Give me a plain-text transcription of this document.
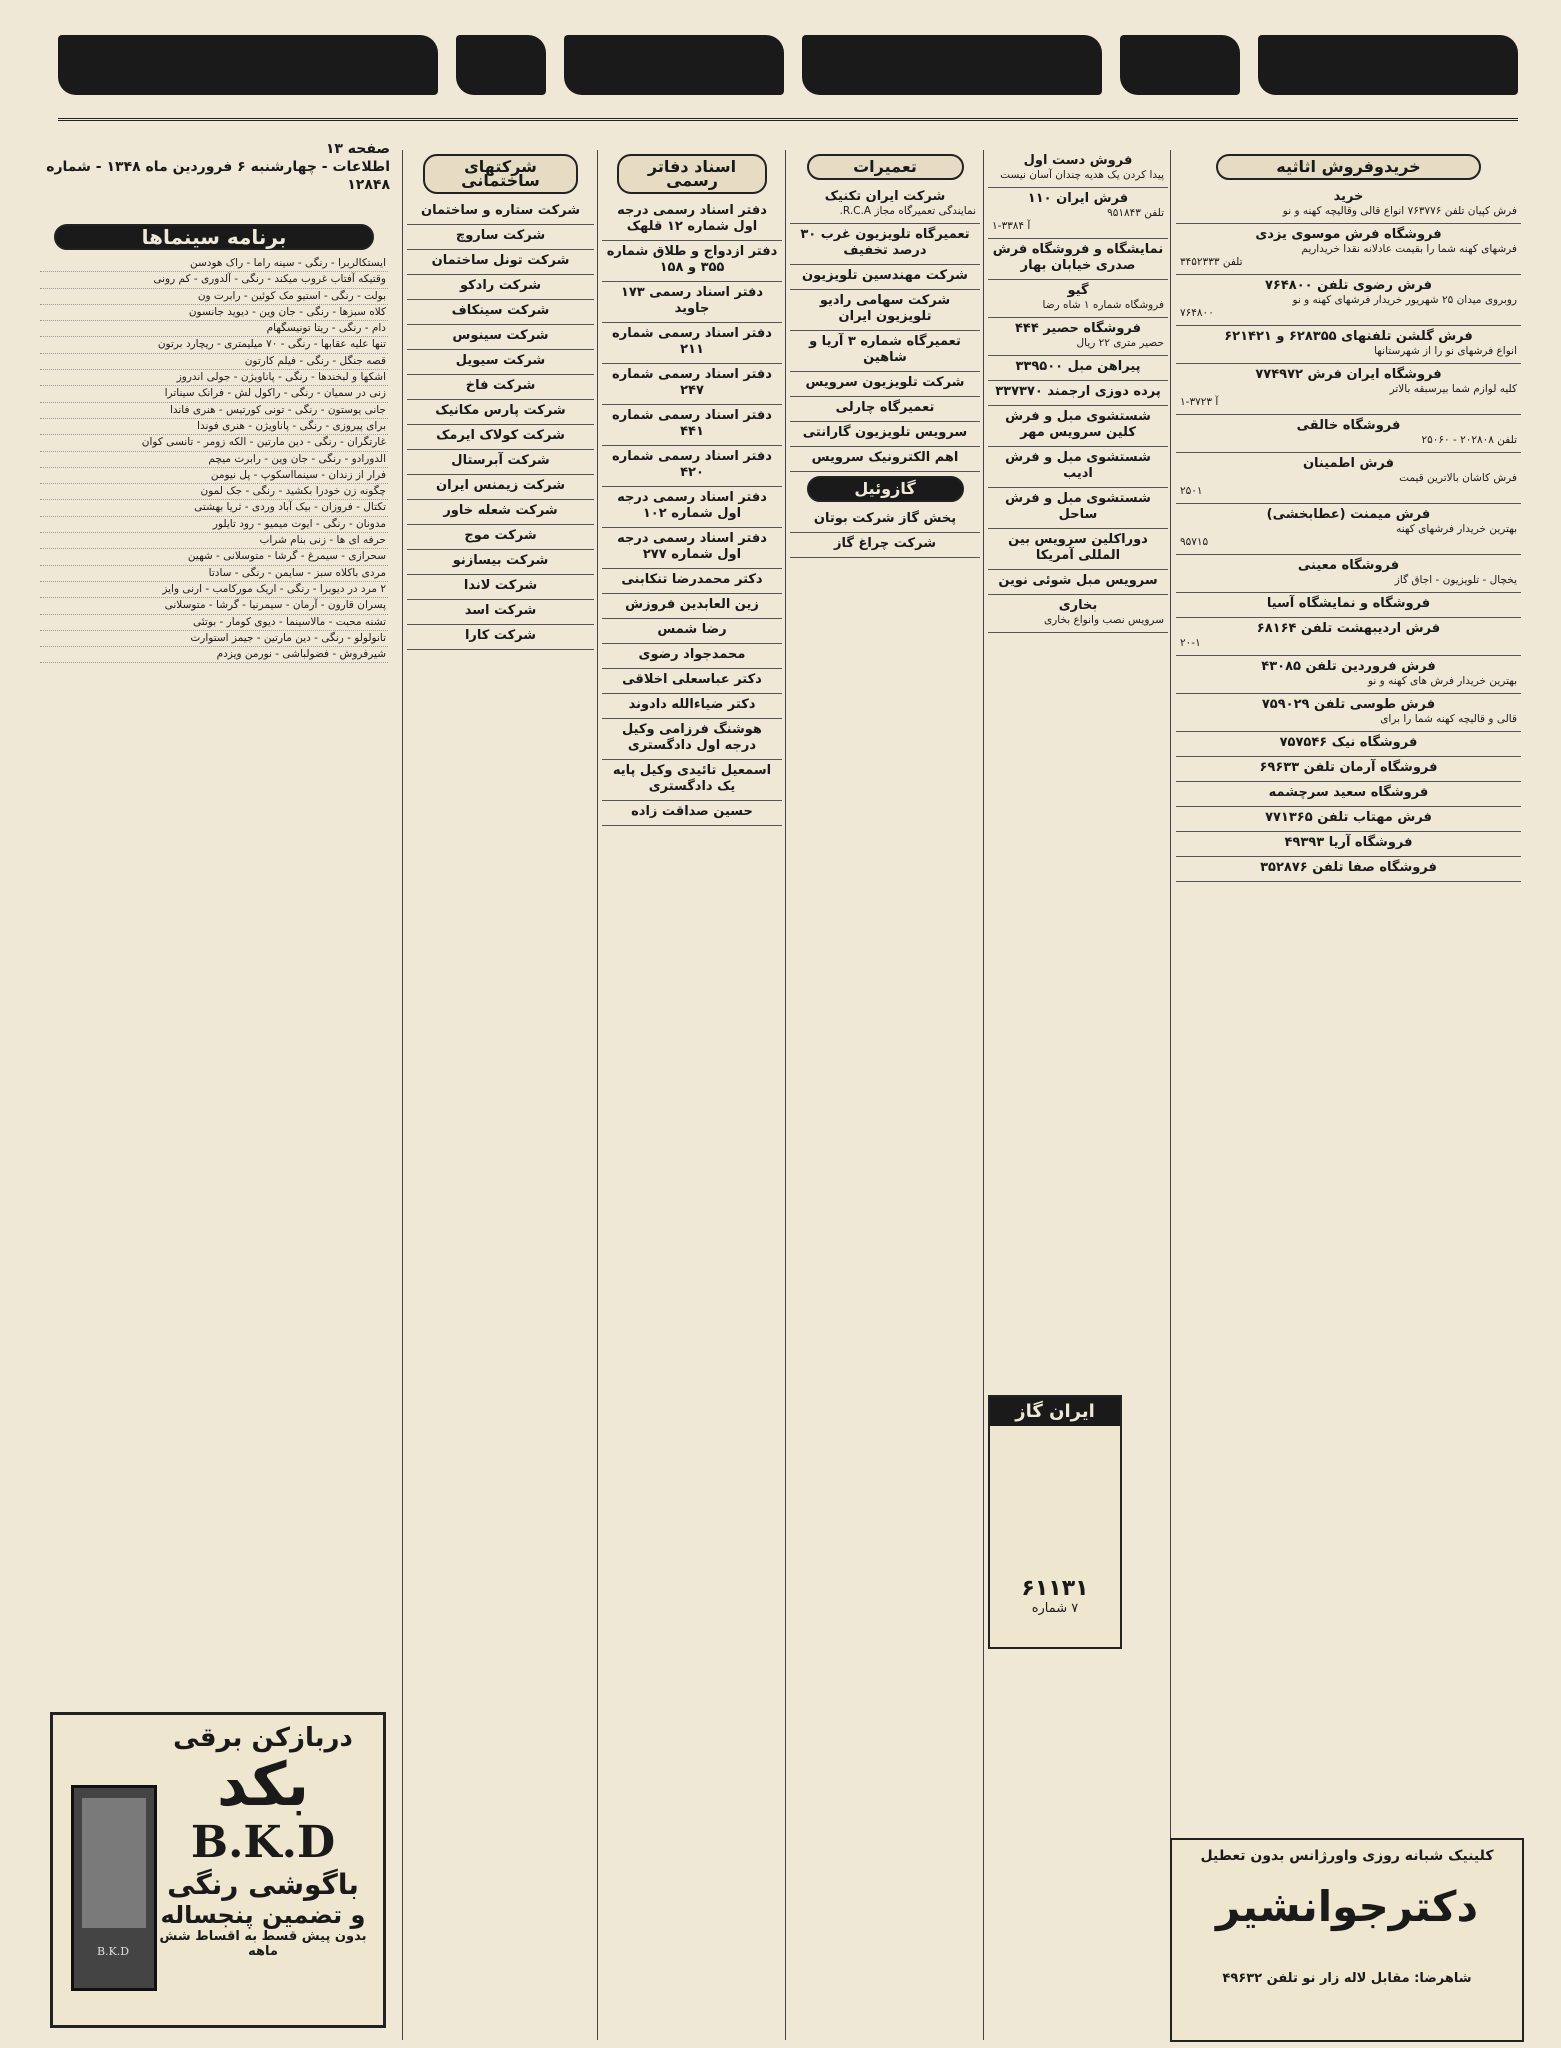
صفحه ۱۳
اطلاعات - چهارشنبه ۶ فروردین ماه ۱۳۴۸ - شماره ۱۲۸۴۸
خریدوفروش اثاثیه
خرید
فرش کپیان تلفن ۷۶۳۷۷۶ انواع قالی وقالیچه کهنه و نو
فروشگاه فرش موسوی یزدی
فرشهای کهنه شما را بقیمت عادلانه نقدا خریداریم
تلفن ۳۴۵۲۳۳۳
فرش رضوی تلفن ۷۶۴۸۰۰
روبروی میدان ۲۵ شهریور خریدار فرشهای کهنه و نو
۷۶۴۸۰۰
فرش گلشن تلفنهای ۶۲۸۳۵۵ و ۶۲۱۴۲۱
انواع فرشهای نو را از شهرستانها
فروشگاه ایران فرش ۷۷۴۹۷۲
کلیه لوازم شما بیرسبقه بالاتر
آ ۳۷۲۳-۱
فروشگاه خالقی
تلفن ۲۰۲۸۰۸ - ۲۵۰۶۰
فرش اطمینان
فرش کاشان بالاترین قیمت
۲۵۰۱
فرش میمنت (عطابخشی)
بهترین خریدار فرشهای کهنه
۹۵۷۱۵
فروشگاه معینی
یخچال - تلویزیون - اجاق گاز
فروشگاه و نمایشگاه آسیا
فرش اردیبهشت تلفن ۶۸۱۶۴
۲۰-۱
فرش فروردین تلفن ۴۳۰۸۵
بهترین خریدار فرش های کهنه و نو
فرش طوسی تلفن ۷۵۹۰۲۹
قالی و قالیچه کهنه شما را برای
فروشگاه نیک ۷۵۷۵۴۶
فروشگاه آرمان تلفن ۶۹۶۳۳
فروشگاه سعید سرچشمه
فرش مهتاب تلفن ۷۷۱۳۶۵
فروشگاه آریا ۴۹۳۹۳
فروشگاه صفا تلفن ۳۵۲۸۷۶
فروش دست اول
پیدا کردن یک هدیه چندان آسان نیست
فرش ایران ۱۱۰
تلفن ۹۵۱۸۴۳
آ ۳۳۸۴-۱
نمایشگاه و فروشگاه فرش صدری خیابان بهار
گیو
فروشگاه شماره ۱ شاه رضا
فروشگاه حصیر ۴۴۴
حصیر متری ۲۲ ریال
پیراهن مبل ۳۳۹۵۰۰
پرده دوزی ارجمند ۳۳۷۳۷۰
شستشوی مبل و فرش کلین سرویس مهر
شستشوی مبل و فرش ادیب
شستشوی مبل و فرش ساحل
دوراکلین سرویس بین المللی آمریکا
سرویس مبل شوئی نوین
بخاری
سرویس نصب وانواع بخاری
تعمیرات
شرکت ایران تکنیک
نمایندگی تعمیرگاه مجاز R.C.A.
تعمیرگاه تلویزیون غرب ۳۰ درصد تخفیف
شرکت مهندسین تلویزیون
شرکت سهامی رادیو تلویزیون ایران
تعمیرگاه شماره ۳ آریا و شاهین
شرکت تلویزیون سرویس
تعمیرگاه چارلی
سرویس تلویزیون گارانتی
اهم الکترونیک سرویس
گازوئیل
پخش گاز شرکت بوتان
شرکت چراغ گاز
اسناد دفاتر رسمی
دفتر اسناد رسمی درجه اول شماره ۱۲ قلهک
دفتر ازدواج و طلاق شماره ۳۵۵ و ۱۵۸
دفتر اسناد رسمی ۱۷۳ جاوید
دفتر اسناد رسمی شماره ۲۱۱
دفتر اسناد رسمی شماره ۲۴۷
دفتر اسناد رسمی شماره ۴۴۱
دفتر اسناد رسمی شماره ۴۲۰
دفتر اسناد رسمی درجه اول شماره ۱۰۲
دفتر اسناد رسمی درجه اول شماره ۲۷۷
دکتر محمدرضا تنکابنی
زین العابدین فروزش
رضا شمس
محمدجواد رضوی
دکتر عباسعلی اخلاقی
دکتر ضیاءالله دادوند
هوشنگ فرزامی وکیل درجه اول دادگستری
اسمعیل تائیدی وکیل پایه یک دادگستری
حسین صداقت زاده
شرکتهای ساختمانی
شرکت ستاره و ساختمان
شرکت ساروچ
شرکت تونل ساختمان
شرکت رادکو
شرکت سینکاف
شرکت سینوس
شرکت سیویل
شرکت فاخ
شرکت پارس مکانیک
شرکت کولاک ایرمک
شرکت آبرستال
شرکت زیمنس ایران
شرکت شعله خاور
شرکت موج
شرکت بیسازنو
شرکت لاندا
شرکت اسد
شرکت کارا
برنامه سینماها
ایستکالربرا - رنگی - سینه راما - راک هودسن
وقتیکه آفتاب غروب میکند - رنگی - آلدوری - کم رونی
بولت - رنگی - استیو مک کوئین - رابرت ون
کلاه سبزها - رنگی - جان وین - دیوید جانسون
دام - رنگی - ریتا تونیسگهام
تنها علیه عقابها - رنگی - ۷۰ میلیمتری - ریچارد برتون
قصه جنگل - رنگی - فیلم کارتون
اشکها و لبخندها - رنگی - پاناویژن - جولی اندروز
زنی در سمیان - رنگی - راکول لش - فرانک سیناترا
جانی یوستون - رنگی - تونی کورتیس - هنری فاندا
برای پیروزی - رنگی - پاناویژن - هنری فوندا
غارتگران - رنگی - دین مارتین - الکه زومر - تانسی کوان
الدورادو - رنگی - جان وین - رابرت میچم
فرار از زندان - سینمااسکوپ - پل نیومن
چگونه زن خودرا بکشید - رنگی - جک لمون
تکتال - فروزان - بیک آباد وردی - ثریا بهشتی
مدونان - رنگی - ایوت میمیو - رود تایلور
حرفه ای ها - زنی بنام شراب
سحرازی - سیمرغ - گرشا - متوسلانی - شهین
مردی باکلاه سبز - سایمن - رنگی - سادتا
۲ مرد در دیوبرا - رنگی - اریک مورکامب - ارنی وایز
پسران قارون - آرمان - سیمرنیا - گرشا - متوسلانی
تشنه محبت - مالاسینما - دیوی کومار - بوتئی
تانولولو - رنگی - دین مارتین - جیمز استوارت
شیرفروش - فضولباشی - نورمن ویزدم
B.K.D
دربازکن برقی
بکد
B.K.D
باگوشی رنگی
و تضمین پنجساله
بدون پیش قسط به اقساط شش ماهه
ایران گاز
۶۱۱۳۱
۷ شماره
کلینیک شبانه روزی واورژانس بدون تعطیل
دکترجوانشیر
شاهرضا: مقابل لاله زار نو تلفن ۴۹۶۳۲
